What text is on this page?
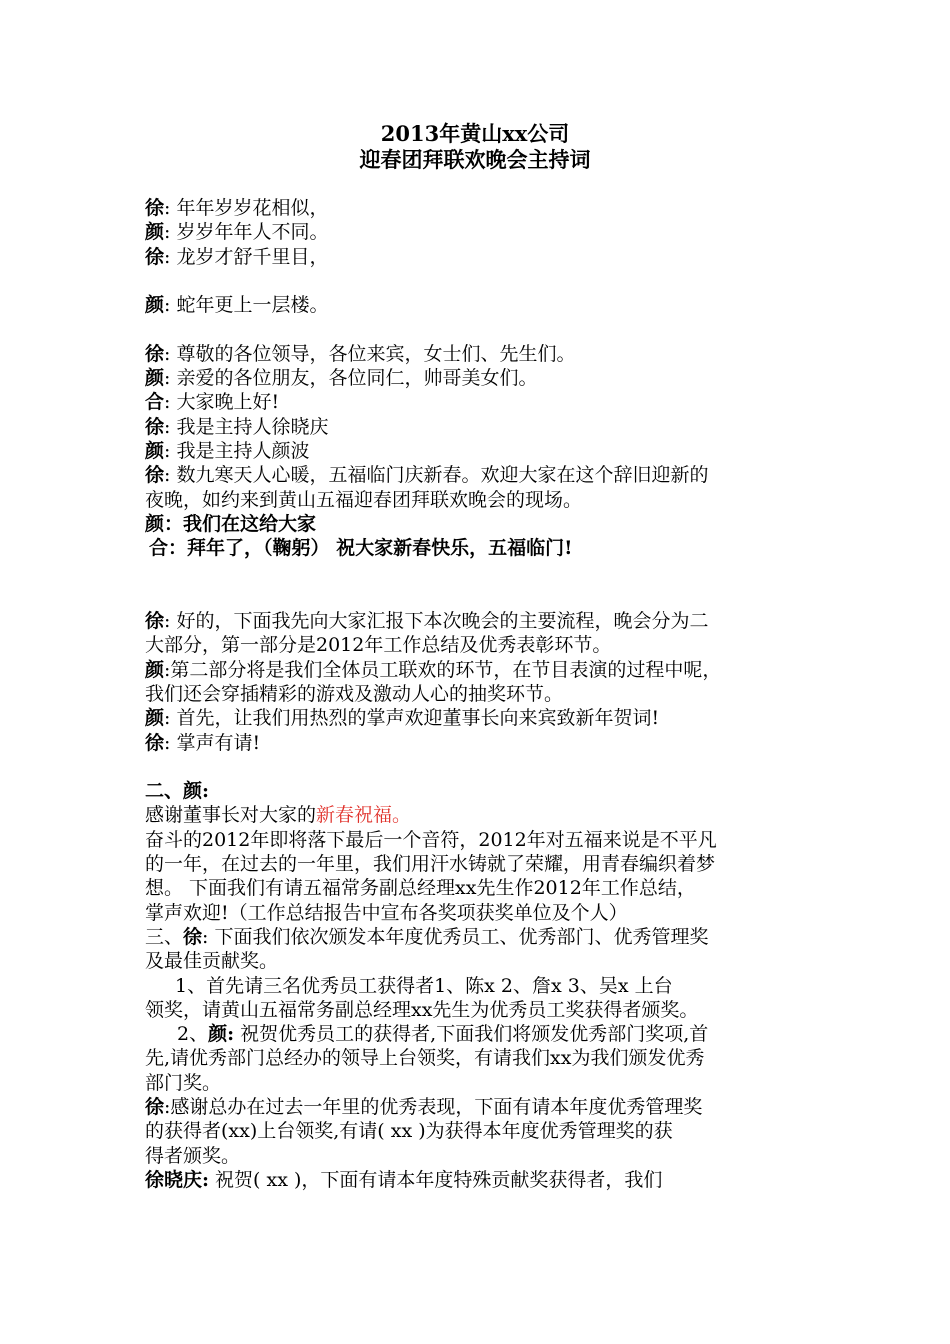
2013年黄山xx公司
迎春团拜联欢晚会主持词
徐: 年年岁岁花相似，
颜: 岁岁年年人不同。
徐: 龙岁才舒千里目，
颜: 蛇年更上一层楼。
徐: 尊敬的各位领导，各位来宾，女士们、先生们。
颜: 亲爱的各位朋友，各位同仁，帅哥美女们。
合: 大家晚上好!
徐: 我是主持人徐晓庆
颜: 我是主持人颜波
徐: 数九寒天人心暖，五福临门庆新春。欢迎大家在这个辞旧迎新的
夜晚，如约来到黄山五福迎春团拜联欢晚会的现场。
颜：我们在这给大家
合：拜年了，（鞠躬） 祝大家新春快乐，五福临门!
徐: 好的，下面我先向大家汇报下本次晚会的主要流程，晚会分为二
大部分，第一部分是2012年工作总结及优秀表彰环节。
颜:第二部分将是我们全体员工联欢的环节，在节目表演的过程中呢，
我们还会穿插精彩的游戏及激动人心的抽奖环节。
颜: 首先，让我们用热烈的掌声欢迎董事长向来宾致新年贺词!
徐: 掌声有请!
二、颜:
感谢董事长对大家的新春祝福。
奋斗的2012年即将落下最后一个音符，2012年对五福来说是不平凡
的一年，在过去的一年里，我们用汗水铸就了荣耀，用青春编织着梦
想。 下面我们有请五福常务副总经理xx先生作2012年工作总结，
掌声欢迎!（工作总结报告中宣布各奖项获奖单位及个人）
三、徐: 下面我们依次颁发本年度优秀员工、优秀部门、优秀管理奖
及最佳贡献奖。
1、首先请三名优秀员工获得者1、陈x 2、詹x 3、吴x 上台
领奖，请黄山五福常务副总经理xx先生为优秀员工奖获得者颁奖。
2、颜: 祝贺优秀员工的获得者,下面我们将颁发优秀部门奖项,首
先,请优秀部门总经办的领导上台领奖，有请我们xx为我们颁发优秀
部门奖。
徐:感谢总办在过去一年里的优秀表现，下面有请本年度优秀管理奖
的获得者(xx)上台领奖,有请( xx )为获得本年度优秀管理奖的获
得者颁奖。
徐晓庆: 祝贺( xx )，下面有请本年度特殊贡献奖获得者，我们
